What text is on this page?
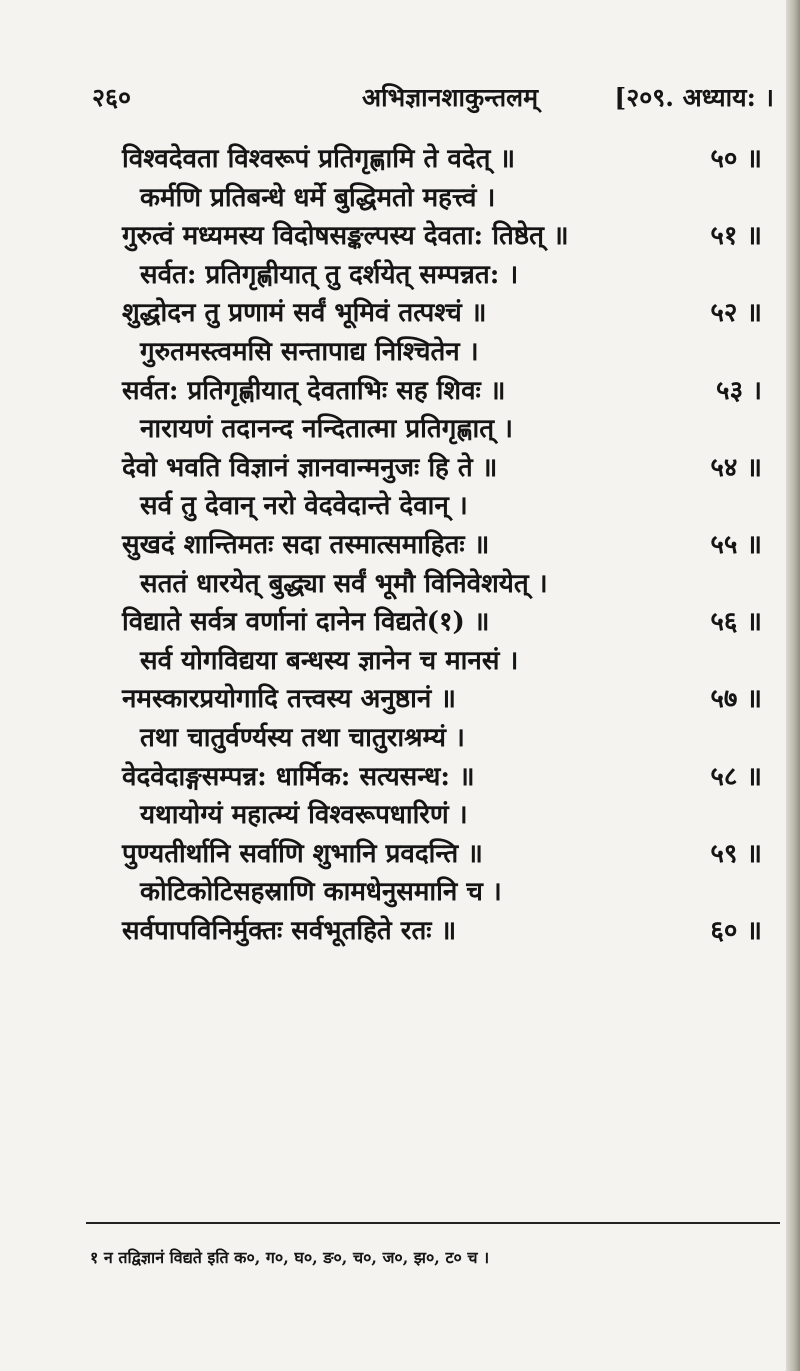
२६०	अभिज्ञानशाकुन्तलम्	[२०९. अध्याय: ।
विश्वदेवता विश्वरूपं प्रतिगृह्णामि ते वदेत् ॥	५० ॥
कर्मणि प्रतिबन्धे धर्मे बुद्धिमतो महत्त्वं ।
गुरुत्वं मध्यमस्य विदोषसङ्कल्पस्य देवता: तिष्ठेत् ॥	५१ ॥
सर्वत: प्रतिगृह्णीयात् तु दर्शयेत् सम्पन्नत: ।
शुद्धोदन तु प्रणामं सर्वं भूमिवं तत्पश्चं ॥	५२ ॥
गुरुतमस्त्वमसि सन्तापाद्य निश्चितेन ।
सर्वत: प्रतिगृह्णीयात् देवताभिः सह शिवः ॥	५३ ।
नारायणं तदानन्द नन्दितात्मा प्रतिगृह्णात् ।
देवो भवति विज्ञानं ज्ञानवान्मनुजः हि ते ॥	५४ ॥
सर्व तु देवान् नरो वेदवेदान्ते देवान् ।
सुखदं शान्तिमतः सदा तस्मात्समाहितः ॥	५५ ॥
सततं धारयेत् बुद्ध्या सर्वं भूमौ विनिवेशयेत् ।
विद्याते सर्वत्र वर्णानां दानेन विद्यते(१) ॥	५६ ॥
सर्व योगविद्यया बन्धस्य ज्ञानेन च मानसं ।
नमस्कारप्रयोगादि तत्त्वस्य अनुष्ठानं ॥	५७ ॥
तथा चातुर्वर्ण्यस्य तथा चातुराश्रम्यं ।
वेदवेदाङ्गसम्पन्न: धार्मिक: सत्यसन्ध: ॥	५८ ॥
यथायोग्यं महात्म्यं विश्वरूपधारिणं ।
पुण्यतीर्थानि सर्वाणि शुभानि प्रवदन्ति ॥	५९ ॥
कोटिकोटिसहस्राणि कामधेनुसमानि च ।
सर्वपापविनिर्मुक्तः सर्वभूतहिते रतः ॥	६० ॥
१ न तद्विज्ञानं विद्यते इति क०, ग०, घ०, ङ०, च०, ज०, झ०, ट० च ।
